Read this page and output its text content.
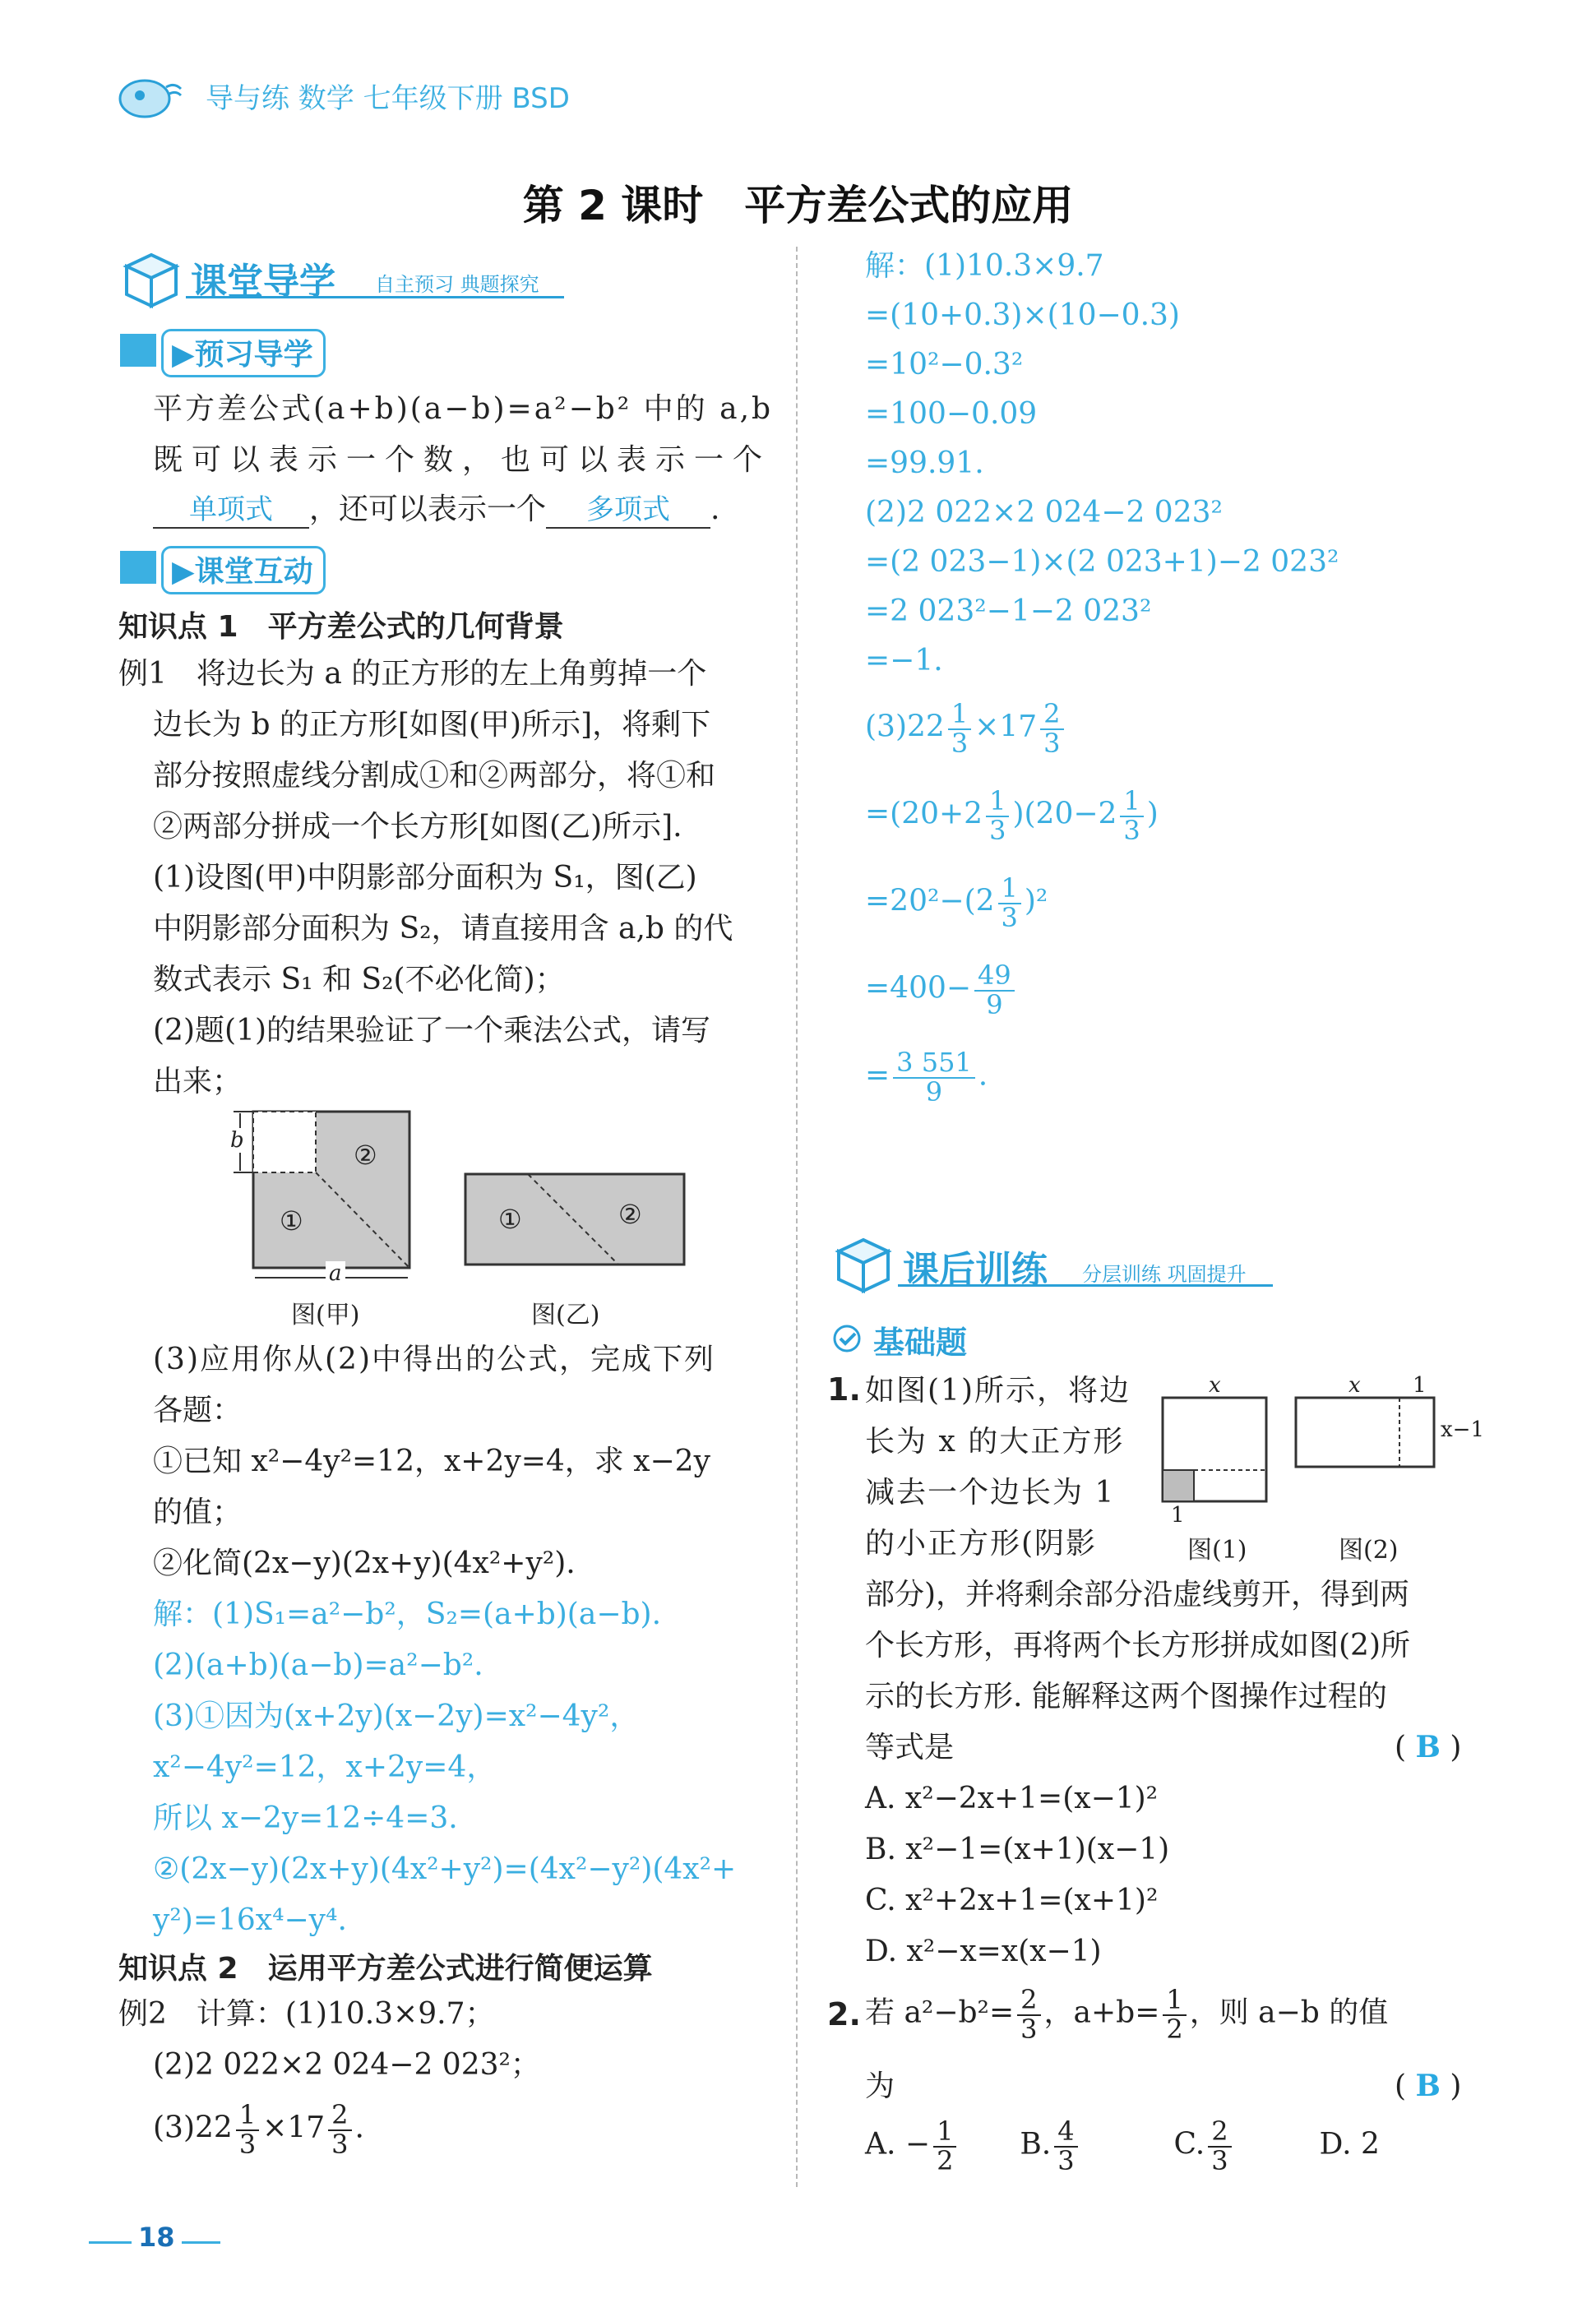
导与练 数学 七年级下册 BSD
第 2 课时　平方差公式的应用
课堂导学 自主预习 典题探究
▶预习导学
平方差公式(a+b)(a−b)=a²−b² 中的 a,b
既可以表示一个数，也可以表示一个
单项式 ，还可以表示一个 多项式 .
▶课堂互动
知识点 1　平方差公式的几何背景
例1　将边长为 a 的正方形的左上角剪掉一个
边长为 b 的正方形[如图(甲)所示]，将剩下
部分按照虚线分割成①和②两部分，将①和
②两部分拼成一个长方形[如图(乙)所示].
(1)设图(甲)中阴影部分面积为 S₁，图(乙)
中阴影部分面积为 S₂，请直接用含 a,b 的代
数式表示 S₁ 和 S₂(不必化简)；
(2)题(1)的结果验证了一个乘法公式，请写
出来；
b
a
①
②
图(甲)
①	②
图(乙)
(3)应用你从(2)中得出的公式，完成下列
各题：
①已知 x²−4y²=12，x+2y=4，求 x−2y
的值；
②化简(2x−y)(2x+y)(4x²+y²).
解：(1)S₁=a²−b²，S₂=(a+b)(a−b).
(2)(a+b)(a−b)=a²−b².
(3)①因为(x+2y)(x−2y)=x²−4y²，
x²−4y²=12，x+2y=4，
所以 x−2y=12÷4=3.
②(2x−y)(2x+y)(4x²+y²)=(4x²−y²)(4x²+
y²)=16x⁴−y⁴.
知识点 2　运用平方差公式进行简便运算
例2　计算：(1)10.3×9.7；
(2)2 022×2 024−2 023²；
$(3)22 \frac{1}{3} \times 17 \frac{2}{3}$ .
18
解：(1)10.3×9.7
=(10+0.3)×(10−0.3)
=10²−0.3²
=100−0.09
=99.91.
(2)2 022×2 024−2 023²
=(2 023−1)×(2 023+1)−2 023²
=2 023²−1−2 023²
=−1.
$(3)22 \frac{1}{3} \times 17 \frac{2}{3}$
$=(20+2 \frac{1}{3} )(20-2 \frac{1}{3}$ )
$=20^2-(2 \frac{1}{3} )^2$
$=400- \frac{49}{9}$
= $\frac{3 551}{9}$ .
课后训练 分层训练 巩固提升
基础题
1. 如图(1)所示，将边
长为 x 的大正方形
减去一个边长为 1
的小正方形(阴影
x
1
图(1)
x 1
x−1
图(2)
部分)，并将剩余部分沿虚线剪开，得到两
个长方形，再将两个长方形拼成如图(2)所
示的长方形. 能解释这两个图操作过程的
等式是	( B )
A. x²−2x+1=(x−1)²
B. x²−1=(x+1)(x−1)
C. x²+2x+1=(x+1)²
D. x²−x=x(x−1)
2. 若 $a^2-b^2= \frac{2}{3}$ ，$a+b= \frac{1}{2}$ ，则 a−b 的值
为	( B )
A. − $\frac{1}{2} B$. $\frac{4}{3}$	C. $\frac{2}{3}$	D. 2
